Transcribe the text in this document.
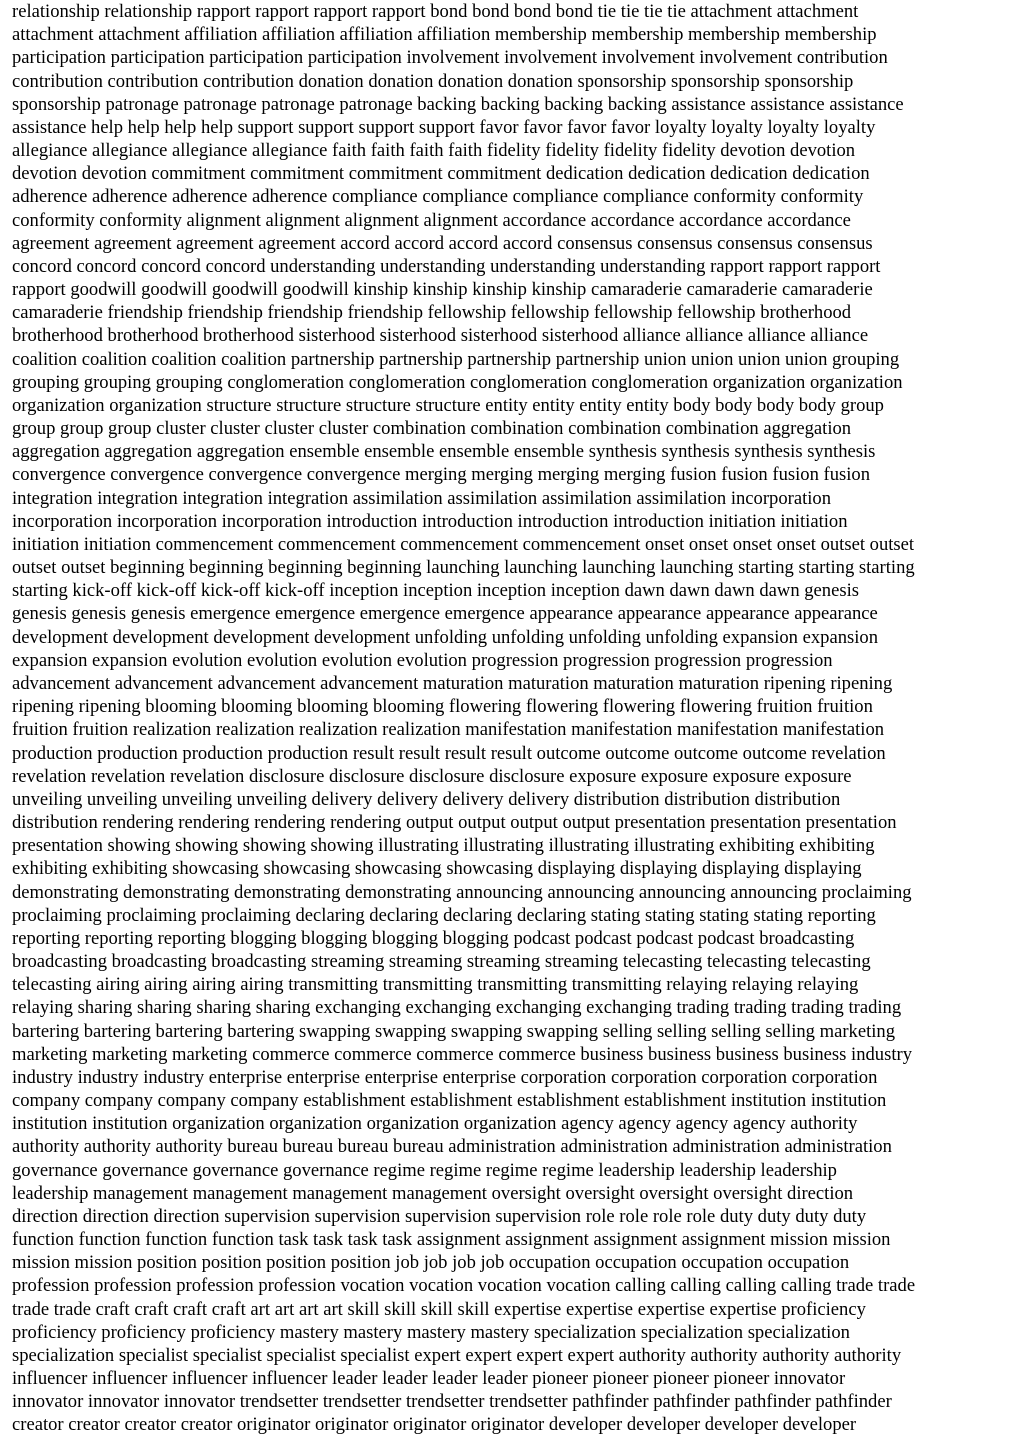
relationship relationship rapport rapport rapport rapport bond bond bond bond tie tie tie tie attachment attachment
attachment attachment affiliation affiliation affiliation affiliation membership membership membership membership
participation participation participation participation involvement involvement involvement involvement contribution
contribution contribution contribution donation donation donation donation sponsorship sponsorship sponsorship
sponsorship patronage patronage patronage patronage backing backing backing backing assistance assistance assistance
assistance help help help help support support support support favor favor favor favor loyalty loyalty loyalty loyalty
allegiance allegiance allegiance allegiance faith faith faith faith fidelity fidelity fidelity fidelity devotion devotion
devotion devotion commitment commitment commitment commitment dedication dedication dedication dedication
adherence adherence adherence adherence compliance compliance compliance compliance conformity conformity
conformity conformity alignment alignment alignment alignment accordance accordance accordance accordance
agreement agreement agreement agreement accord accord accord accord consensus consensus consensus consensus
concord concord concord concord understanding understanding understanding understanding rapport rapport rapport
rapport goodwill goodwill goodwill goodwill kinship kinship kinship kinship camaraderie camaraderie camaraderie
camaraderie friendship friendship friendship friendship fellowship fellowship fellowship fellowship brotherhood
brotherhood brotherhood brotherhood sisterhood sisterhood sisterhood sisterhood alliance alliance alliance alliance
coalition coalition coalition coalition partnership partnership partnership partnership union union union union grouping
grouping grouping grouping conglomeration conglomeration conglomeration conglomeration organization organization
organization organization structure structure structure structure entity entity entity entity body body body body group
group group group cluster cluster cluster cluster combination combination combination combination aggregation
aggregation aggregation aggregation ensemble ensemble ensemble ensemble synthesis synthesis synthesis synthesis
convergence convergence convergence convergence merging merging merging merging fusion fusion fusion fusion
integration integration integration integration assimilation assimilation assimilation assimilation incorporation
incorporation incorporation incorporation introduction introduction introduction introduction initiation initiation
initiation initiation commencement commencement commencement commencement onset onset onset onset outset outset
outset outset beginning beginning beginning beginning launching launching launching launching starting starting starting
starting kick-off kick-off kick-off kick-off inception inception inception inception dawn dawn dawn dawn genesis
genesis genesis genesis emergence emergence emergence emergence appearance appearance appearance appearance
development development development development unfolding unfolding unfolding unfolding expansion expansion
expansion expansion evolution evolution evolution evolution progression progression progression progression
advancement advancement advancement advancement maturation maturation maturation maturation ripening ripening
ripening ripening blooming blooming blooming blooming flowering flowering flowering flowering fruition fruition
fruition fruition realization realization realization realization manifestation manifestation manifestation manifestation
production production production production result result result result outcome outcome outcome outcome revelation
revelation revelation revelation disclosure disclosure disclosure disclosure exposure exposure exposure exposure
unveiling unveiling unveiling unveiling delivery delivery delivery delivery distribution distribution distribution
distribution rendering rendering rendering rendering output output output output presentation presentation presentation
presentation showing showing showing showing illustrating illustrating illustrating illustrating exhibiting exhibiting
exhibiting exhibiting showcasing showcasing showcasing showcasing displaying displaying displaying displaying
demonstrating demonstrating demonstrating demonstrating announcing announcing announcing announcing proclaiming
proclaiming proclaiming proclaiming declaring declaring declaring declaring stating stating stating stating reporting
reporting reporting reporting blogging blogging blogging blogging podcast podcast podcast podcast broadcasting
broadcasting broadcasting broadcasting streaming streaming streaming streaming telecasting telecasting telecasting
telecasting airing airing airing airing transmitting transmitting transmitting transmitting relaying relaying relaying
relaying sharing sharing sharing sharing exchanging exchanging exchanging exchanging trading trading trading trading
bartering bartering bartering bartering swapping swapping swapping swapping selling selling selling selling marketing
marketing marketing marketing commerce commerce commerce commerce business business business business industry
industry industry industry enterprise enterprise enterprise enterprise corporation corporation corporation corporation
company company company company establishment establishment establishment establishment institution institution
institution institution organization organization organization organization agency agency agency agency authority
authority authority authority bureau bureau bureau bureau administration administration administration administration
governance governance governance governance regime regime regime regime leadership leadership leadership
leadership management management management management oversight oversight oversight oversight direction
direction direction direction supervision supervision supervision supervision role role role role duty duty duty duty
function function function function task task task task assignment assignment assignment assignment mission mission
mission mission position position position position job job job job occupation occupation occupation occupation
profession profession profession profession vocation vocation vocation vocation calling calling calling calling trade trade
trade trade craft craft craft craft art art art art skill skill skill skill expertise expertise expertise expertise proficiency
proficiency proficiency proficiency mastery mastery mastery mastery specialization specialization specialization
specialization specialist specialist specialist specialist expert expert expert expert authority authority authority authority
influencer influencer influencer influencer leader leader leader leader pioneer pioneer pioneer pioneer innovator
innovator innovator innovator trendsetter trendsetter trendsetter trendsetter pathfinder pathfinder pathfinder pathfinder
creator creator creator creator originator originator originator originator developer developer developer developer
